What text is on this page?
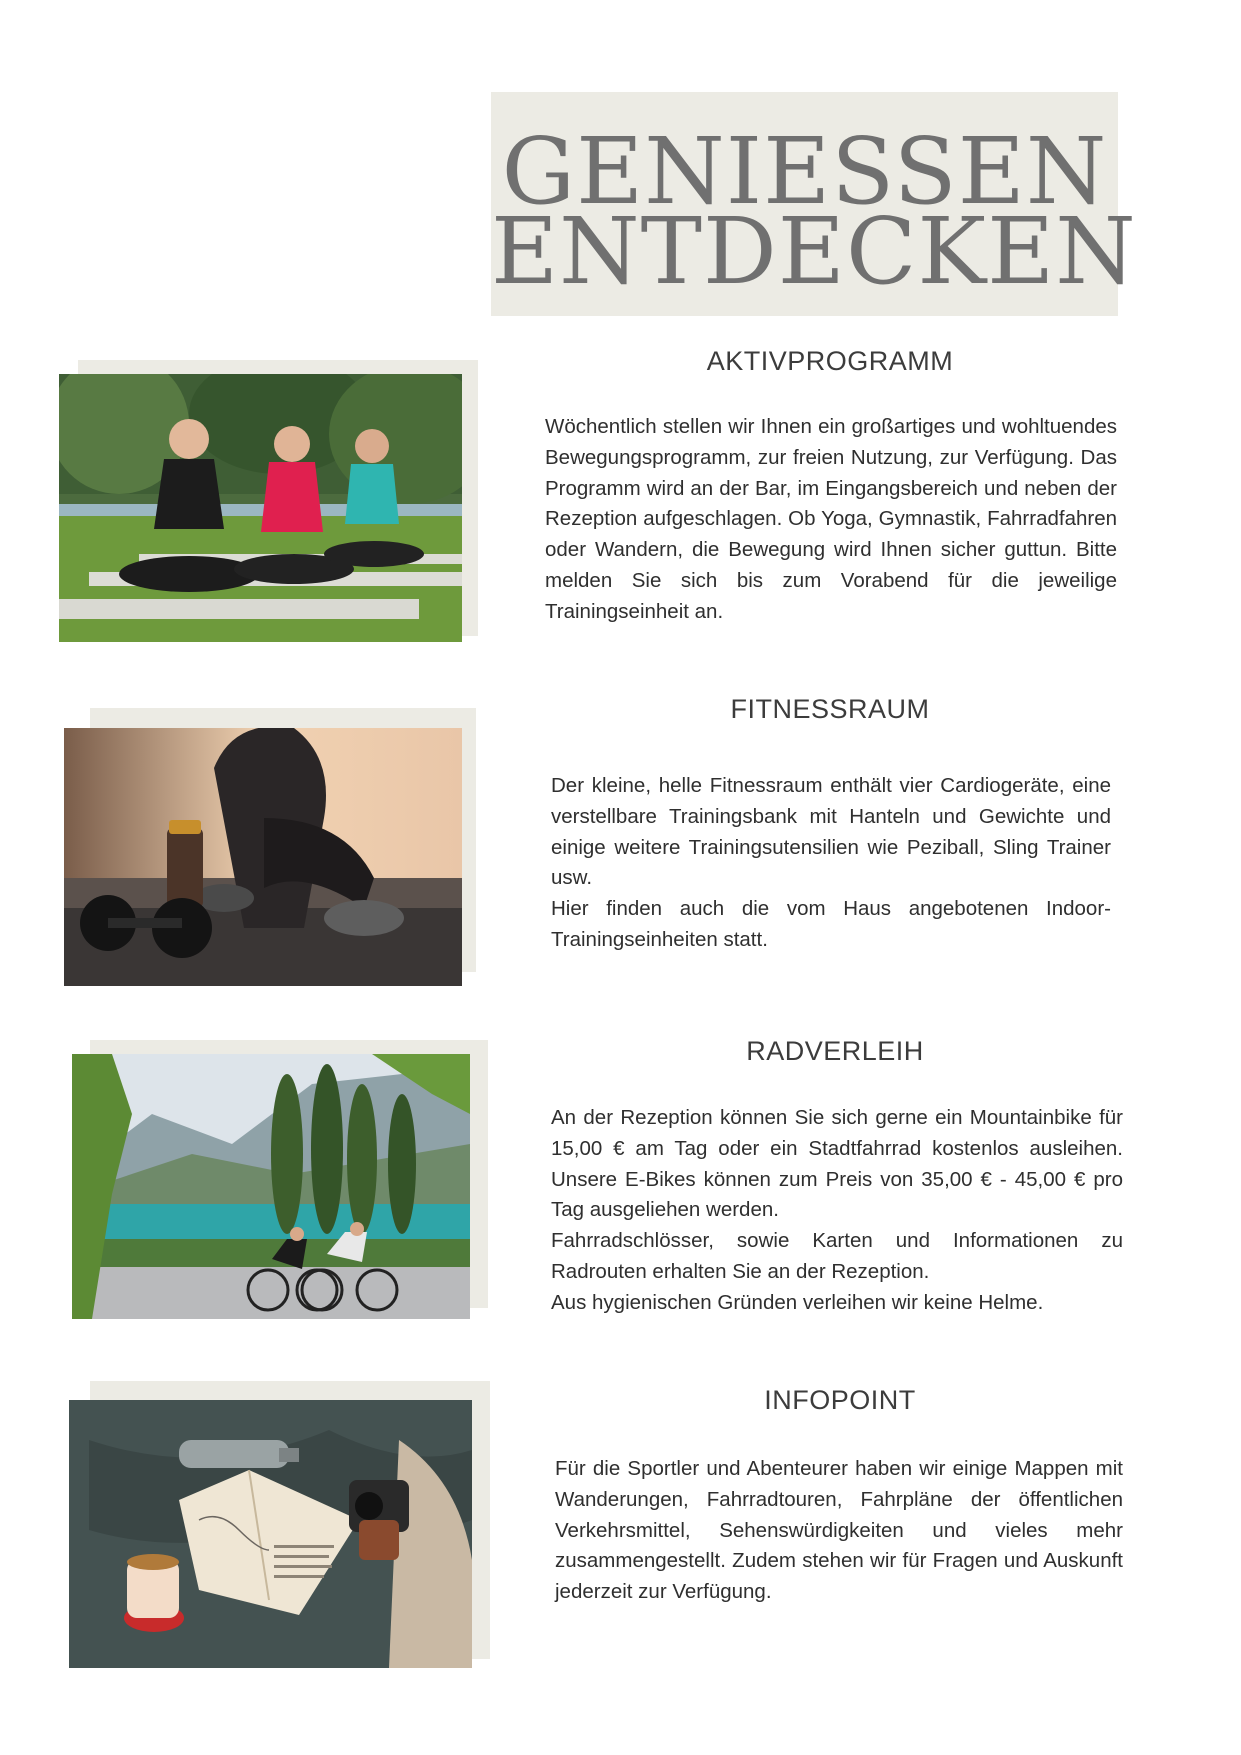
GENIESSEN
ENTDECKEN
AKTIVPROGRAMM

Wöchentlich stellen wir Ihnen ein großartiges und wohltuendes Bewegungsprogramm, zur freien Nutzung, zur Verfügung. Das Programm wird an der Bar, im Eingangsbereich und neben der Rezeption aufgeschlagen. Ob Yoga, Gymnastik, Fahrradfahren oder Wandern, die Bewegung wird Ihnen sicher guttun. Bitte melden Sie sich bis zum Vorabend für die jeweilige Trainingseinheit an.

FITNESSRAUM

Der kleine, helle Fitnessraum enthält vier Cardiogeräte, eine verstellbare Trainingsbank mit Hanteln und Gewichte und einige weitere Trainingsutensilien wie Peziball, Sling Trainer usw.

Hier finden auch die vom Haus angebotenen Indoor-Trainingseinheiten statt.

RADVERLEIH

An der Rezeption können Sie sich gerne ein Mountainbike für 15,00 € am Tag oder ein Stadtfahrrad kostenlos ausleihen. Unsere E-Bikes können zum Preis von 35,00 € - 45,00 € pro Tag ausgeliehen werden.

Fahrradschlösser, sowie Karten und Informationen zu Radrouten erhalten Sie an der Rezeption.

Aus hygienischen Gründen verleihen wir keine Helme.

INFOPOINT

Für die Sportler und Abenteurer haben wir einige Mappen mit Wanderungen, Fahrradtouren, Fahrpläne der öffentlichen Verkehrsmittel, Sehenswürdigkeiten und vieles mehr zusammengestellt. Zudem stehen wir für Fragen und Auskunft jederzeit zur Verfügung.
